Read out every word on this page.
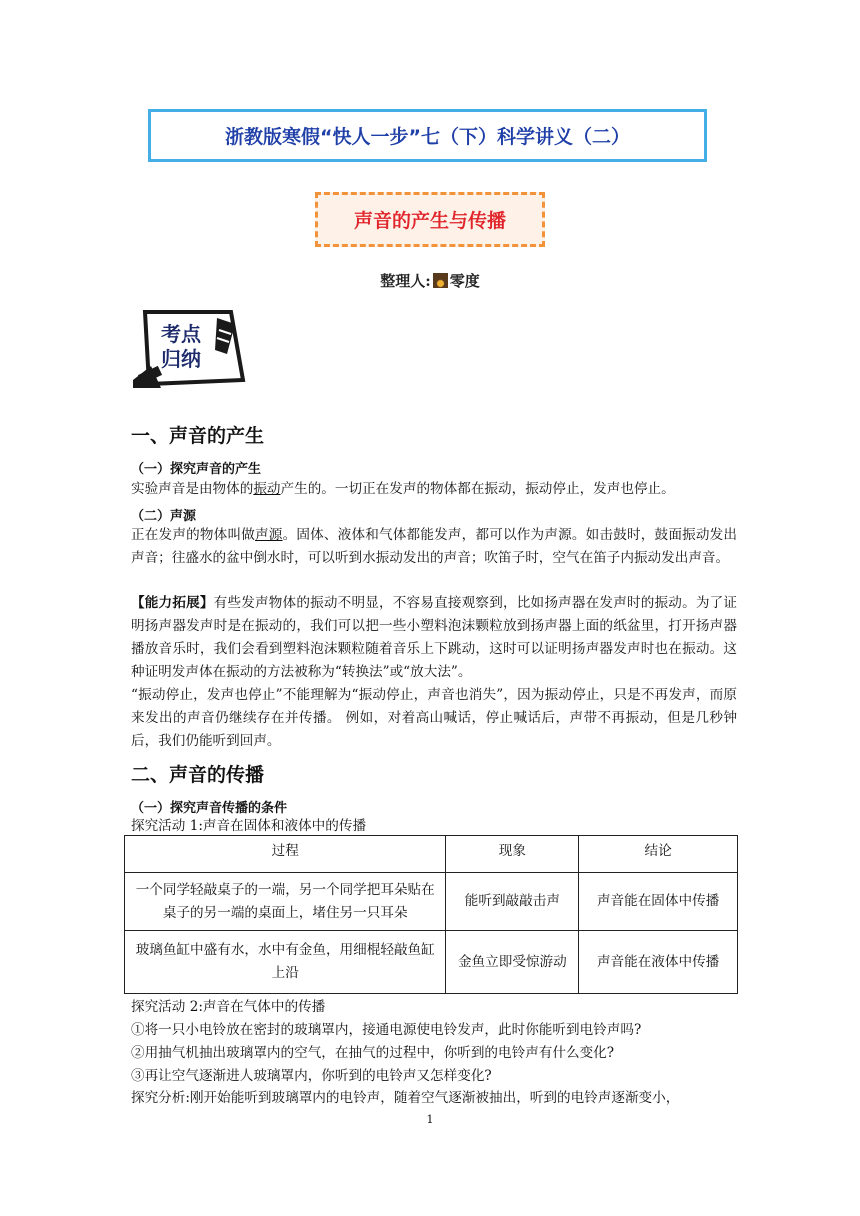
浙教版寒假“快人一步”七（下）科学讲义（二）
声音的产生与传播
整理人: 零度
考点
归纳
一、声音的产生
（一）探究声音的产生

实验声音是由物体的振动产生的。一切正在发声的物体都在振动，振动停止，发声也停止。

（二）声源

正在发声的物体叫做声源。固体、液体和气体都能发声，都可以作为声源。如击鼓时，鼓面振动发出声音；往盛水的盆中倒水时，可以听到水振动发出的声音；吹笛子时，空气在笛子内振动发出声音。

【能力拓展】有些发声物体的振动不明显，不容易直接观察到，比如扬声器在发声时的振动。为了证明扬声器发声时是在振动的，我们可以把一些小塑料泡沫颗粒放到扬声器上面的纸盆里，打开扬声器播放音乐时，我们会看到塑料泡沫颗粒随着音乐上下跳动，这时可以证明扬声器发声时也在振动。这种证明发声体在振动的方法被称为“转换法”或“放大法”。

“振动停止，发声也停止”不能理解为“振动停止，声音也消失”，因为振动停止，只是不再发声，而原来发出的声音仍继续存在并传播。 例如，对着高山喊话，停止喊话后，声带不再振动，但是几秒钟后，我们仍能听到回声。

二、声音的传播
（一）探究声音传播的条件

探究活动 1:声音在固体和液体中的传播

过程	现象	结论
一个同学轻敲桌子的一端，另一个同学把耳朵贴在桌子的另一端的桌面上，堵住另一只耳朵	能听到敲敲击声	声音能在固体中传播
玻璃鱼缸中盛有水，水中有金鱼，用细棍轻敲鱼缸上沿	金鱼立即受惊游动	声音能在液体中传播

探究活动 2:声音在气体中的传播

①将一只小电铃放在密封的玻璃罩内，接通电源使电铃发声，此时你能听到电铃声吗?

②用抽气机抽出玻璃罩内的空气，在抽气的过程中，你听到的电铃声有什么变化?

③再让空气逐渐进人玻璃罩内，你听到的电铃声又怎样变化?

探究分析:刚开始能听到玻璃罩内的电铃声，随着空气逐渐被抽出，听到的电铃声逐渐变小，

1
